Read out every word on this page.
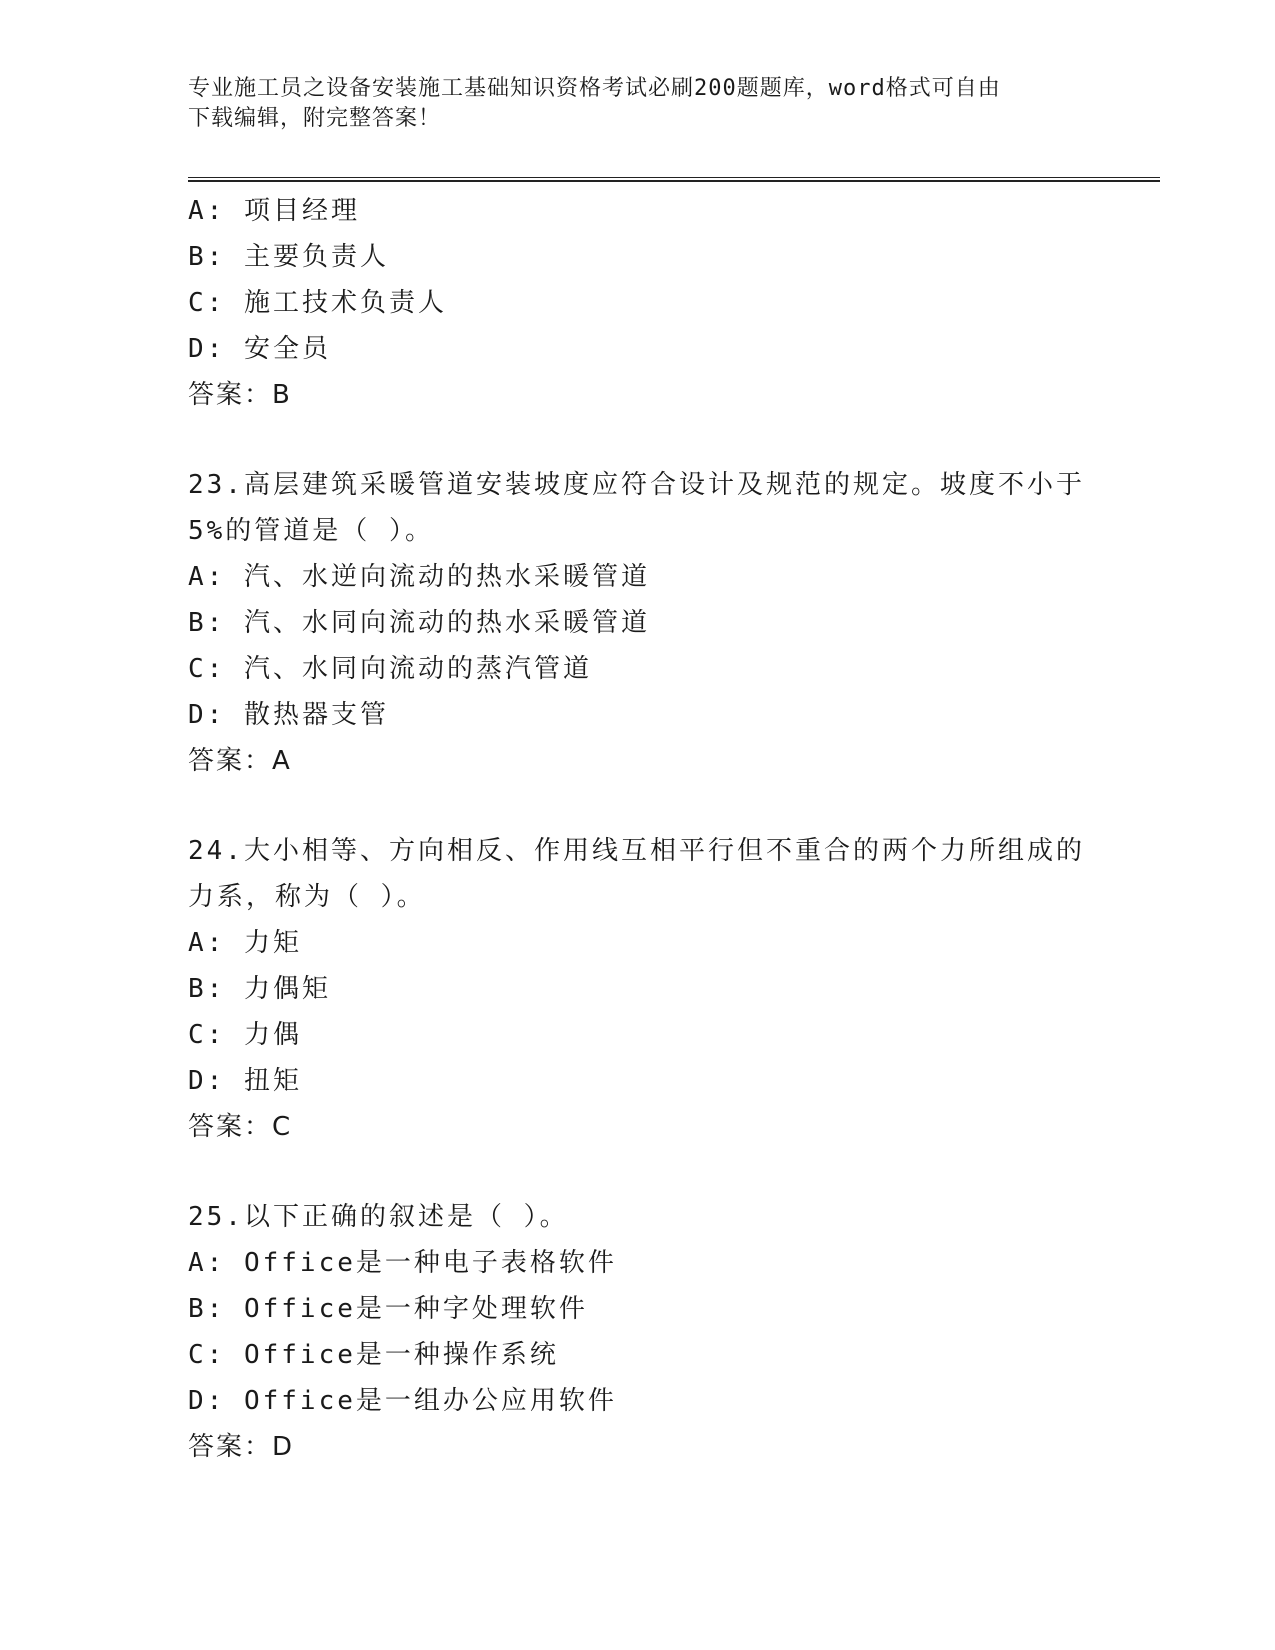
专业施工员之设备安装施工基础知识资格考试必刷200题题库，word格式可自由
下载编辑，附完整答案！
A: 项目经理
B: 主要负责人
C: 施工技术负责人
D: 安全员
答案：B
23.高层建筑采暖管道安装坡度应符合设计及规范的规定。坡度不小于
5%的管道是（ ）。
A: 汽、水逆向流动的热水采暖管道
B: 汽、水同向流动的热水采暖管道
C: 汽、水同向流动的蒸汽管道
D: 散热器支管
答案：A
24.大小相等、方向相反、作用线互相平行但不重合的两个力所组成的
力系，称为（ ）。
A: 力矩
B: 力偶矩
C: 力偶
D: 扭矩
答案：C
25.以下正确的叙述是（ ）。
A: Office是一种电子表格软件
B: Office是一种字处理软件
C: Office是一种操作系统
D: Office是一组办公应用软件
答案：D
